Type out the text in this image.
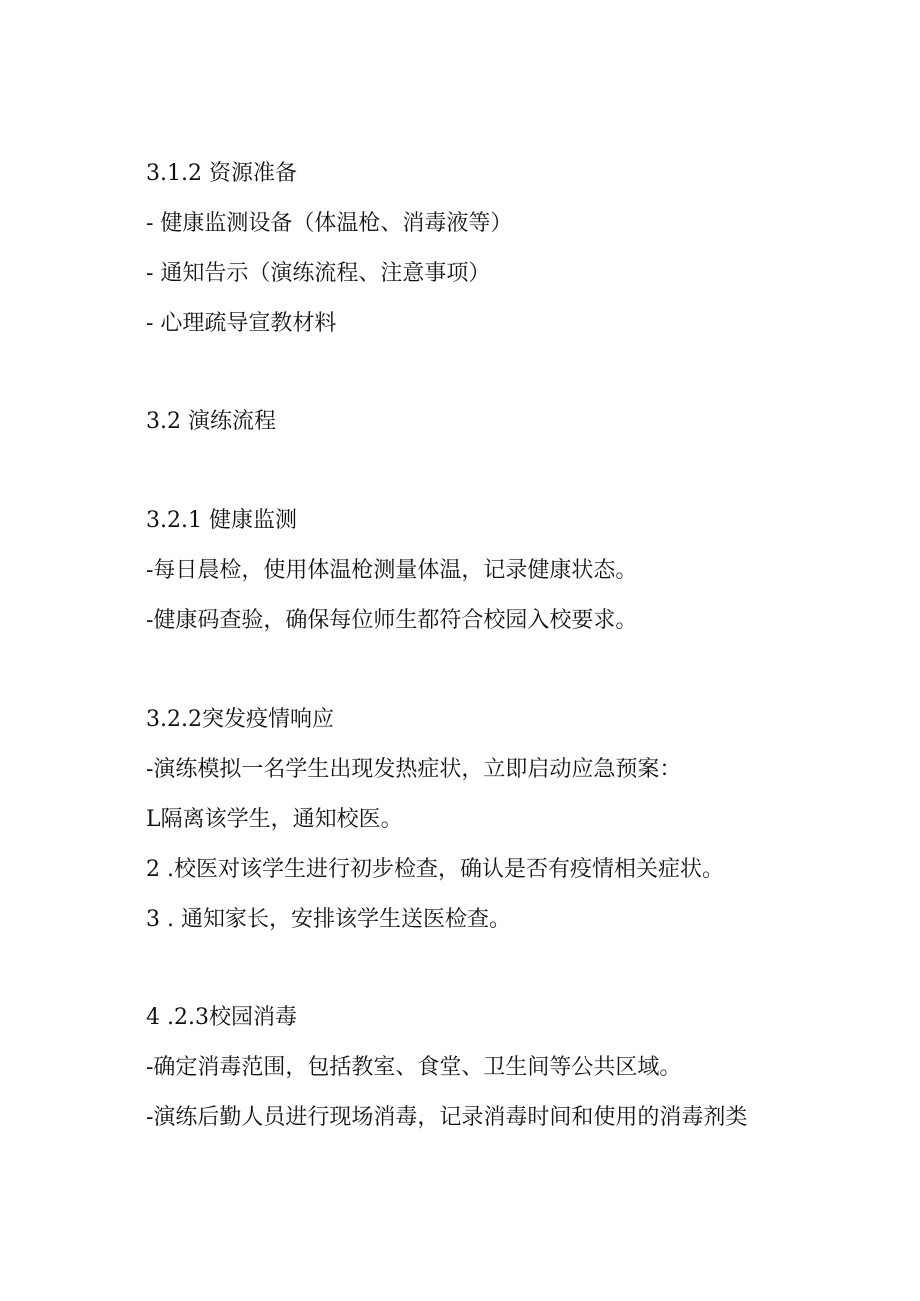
3.1.2 资源准备
- 健康监测设备（体温枪、消毒液等）
- 通知告示（演练流程、注意事项）
- 心理疏导宣教材料
3.2 演练流程
3.2.1 健康监测
-每日晨检，使用体温枪测量体温，记录健康状态。
-健康码查验，确保每位师生都符合校园入校要求。
3.2.2突发疫情响应
-演练模拟一名学生出现发热症状，立即启动应急预案：
L隔离该学生，通知校医。
2 .校医对该学生进行初步检查，确认是否有疫情相关症状。
3 . 通知家长，安排该学生送医检查。
4 .2.3校园消毒
-确定消毒范围，包括教室、食堂、卫生间等公共区域。
-演练后勤人员进行现场消毒，记录消毒时间和使用的消毒剂类
